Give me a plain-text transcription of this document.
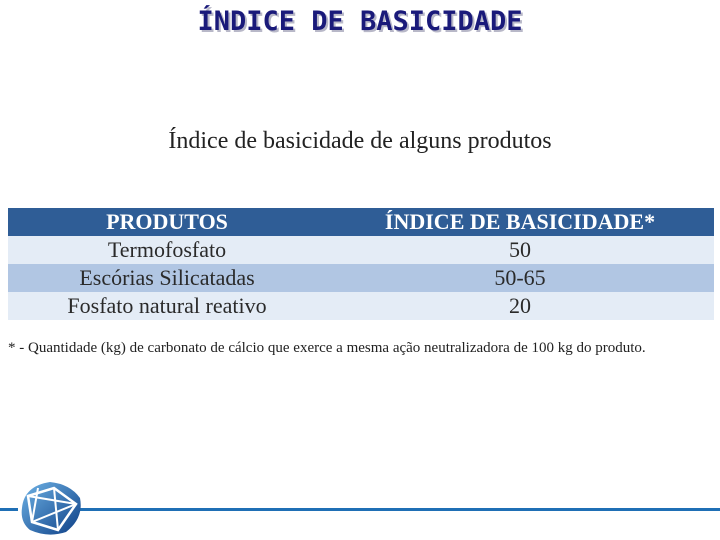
ÍNDICE DE BASICIDADE
Índice de basicidade de alguns produtos
PRODUTOS	ÍNDICE DE BASICIDADE*
Termofosfato	50
Escórias Silicatadas	50-65
Fosfato natural reativo	20
* - Quantidade (kg) de carbonato de cálcio que exerce a mesma ação neutralizadora de 100 kg do produto.
